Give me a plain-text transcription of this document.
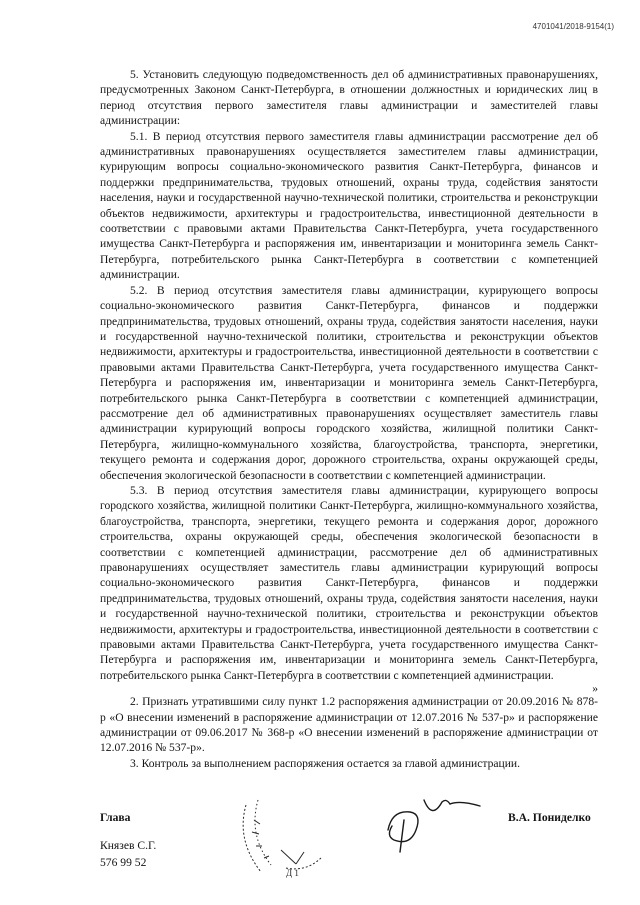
4701041/2018-9154(1)

5. Установить следующую подведомственность дел об административных правонарушениях, предусмотренных Законом Санкт-Петербурга, в отношении должностных и юридических лиц в период отсутствия первого заместителя главы администрации и заместителей главы администрации:

5.1. В период отсутствия первого заместителя главы администрации рассмотрение дел об административных правонарушениях осуществляется заместителем главы администрации, курирующим вопросы социально-экономического развития Санкт-Петербурга, финансов и поддержки предпринимательства, трудовых отношений, охраны труда, содействия занятости населения, науки и государственной научно-технической политики, строительства и реконструкции объектов недвижимости, архитектуры и градостроительства, инвестиционной деятельности в соответствии с правовыми актами Правительства Санкт-Петербурга, учета государственного имущества Санкт-Петербурга и распоряжения им, инвентаризации и мониторинга земель Санкт-Петербурга, потребительского рынка Санкт-Петербурга в соответствии с компетенцией администрации.

5.2. В период отсутствия заместителя главы администрации, курирующего вопросы социально-экономического развития Санкт-Петербурга, финансов и поддержки предпринимательства, трудовых отношений, охраны труда, содействия занятости населения, науки и государственной научно-технической политики, строительства и реконструкции объектов недвижимости, архитектуры и градостроительства, инвестиционной деятельности в соответствии с правовыми актами Правительства Санкт-Петербурга, учета государственного имущества Санкт-Петербурга и распоряжения им, инвентаризации и мониторинга земель Санкт-Петербурга, потребительского рынка Санкт-Петербурга в соответствии с компетенцией администрации, рассмотрение дел об административных правонарушениях осуществляет заместитель главы администрации курирующий вопросы городского хозяйства, жилищной политики Санкт-Петербурга, жилищно-коммунального хозяйства, благоустройства, транспорта, энергетики, текущего ремонта и содержания дорог, дорожного строительства, охраны окружающей среды, обеспечения экологической безопасности в соответствии с компетенцией администрации.

5.3. В период отсутствия заместителя главы администрации, курирующего вопросы городского хозяйства, жилищной политики Санкт-Петербурга, жилищно-коммунального хозяйства, благоустройства, транспорта, энергетики, текущего ремонта и содержания дорог, дорожного строительства, охраны окружающей среды, обеспечения экологической безопасности в соответствии с компетенцией администрации, рассмотрение дел об административных правонарушениях осуществляет заместитель главы администрации курирующий вопросы социально-экономического развития Санкт-Петербурга, финансов и поддержки предпринимательства, трудовых отношений, охраны труда, содействия занятости населения, науки и государственной научно-технической политики, строительства и реконструкции объектов недвижимости, архитектуры и градостроительства, инвестиционной деятельности в соответствии с правовыми актами Правительства Санкт-Петербурга, учета государственного имущества Санкт-Петербурга и распоряжения им, инвентаризации и мониторинга земель Санкт-Петербурга, потребительского рынка Санкт-Петербурга в соответствии с компетенцией администрации.

»

2. Признать утратившими силу пункт 1.2 распоряжения администрации от 20.09.2016 № 878-р «О внесении изменений в распоряжение администрации от 12.07.2016 № 537-р» и распоряжение администрации от 09.06.2017 № 368-р «О внесении изменений в распоряжение администрации от 12.07.2016 № 537-р».

3. Контроль за выполнением распоряжения остается за главой администрации.

Глава	В.А. Пониделко
Д 1
Князев С.Г.
576 99 52
